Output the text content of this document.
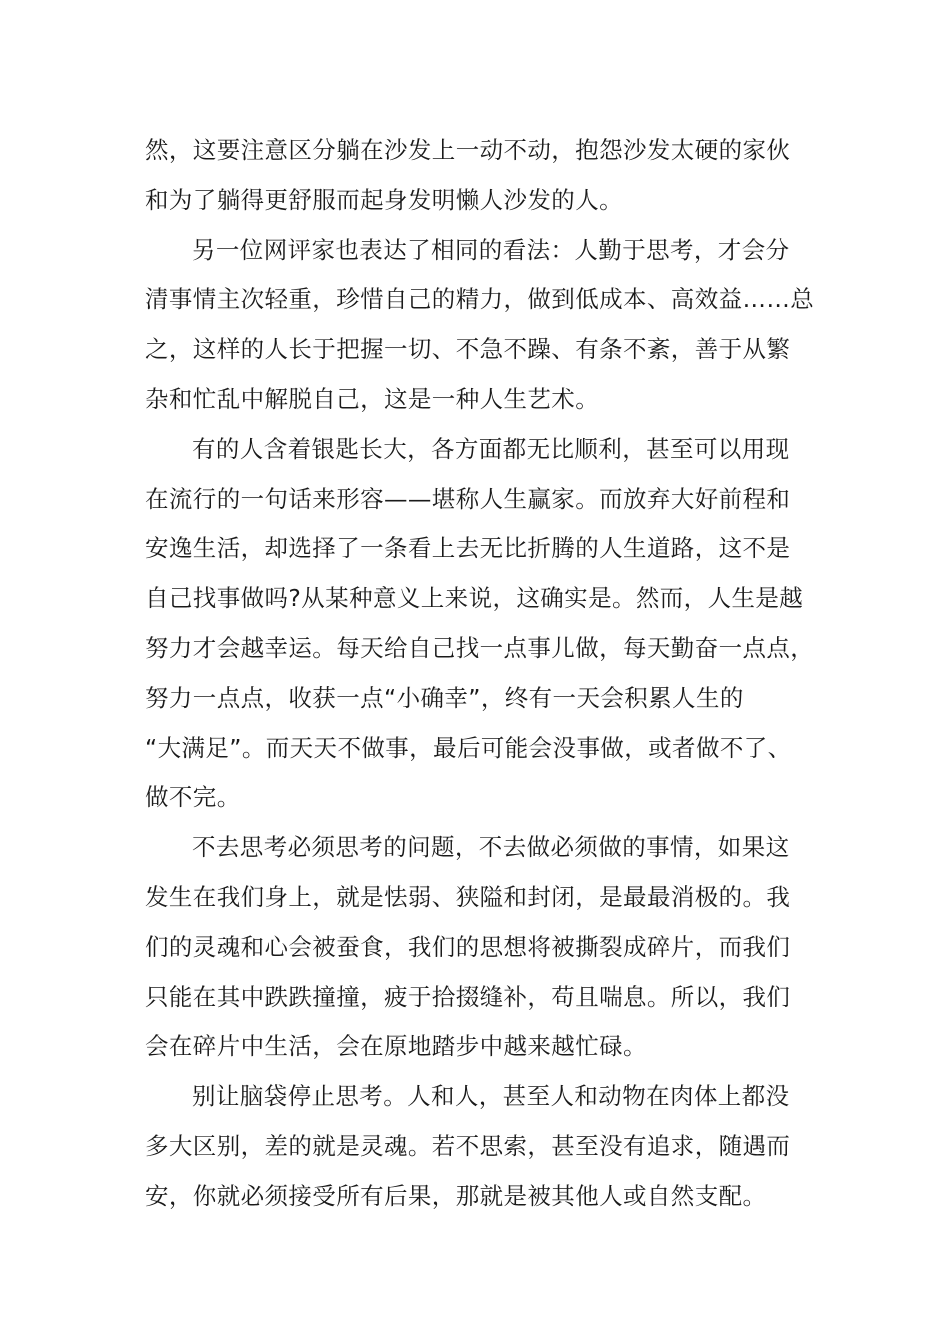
然，这要注意区分躺在沙发上一动不动，抱怨沙发太硬的家伙
和为了躺得更舒服而起身发明懒人沙发的人。
另一位网评家也表达了相同的看法：人勤于思考，才会分
清事情主次轻重，珍惜自己的精力，做到低成本、高效益……总
之，这样的人长于把握一切、不急不躁、有条不紊，善于从繁
杂和忙乱中解脱自己，这是一种人生艺术。
有的人含着银匙长大，各方面都无比顺利，甚至可以用现
在流行的一句话来形容——堪称人生赢家。而放弃大好前程和
安逸生活，却选择了一条看上去无比折腾的人生道路，这不是
自己找事做吗?从某种意义上来说，这确实是。然而，人生是越
努力才会越幸运。每天给自己找一点事儿做，每天勤奋一点点，
努力一点点，收获一点“小确幸”，终有一天会积累人生的
“大满足”。而天天不做事，最后可能会没事做，或者做不了、
做不完。
不去思考必须思考的问题，不去做必须做的事情，如果这
发生在我们身上，就是怯弱、狭隘和封闭，是最最消极的。我
们的灵魂和心会被蚕食，我们的思想将被撕裂成碎片，而我们
只能在其中跌跌撞撞，疲于拾掇缝补，苟且喘息。所以，我们
会在碎片中生活，会在原地踏步中越来越忙碌。
别让脑袋停止思考。人和人，甚至人和动物在肉体上都没
多大区别，差的就是灵魂。若不思索，甚至没有追求，随遇而
安，你就必须接受所有后果，那就是被其他人或自然支配。
